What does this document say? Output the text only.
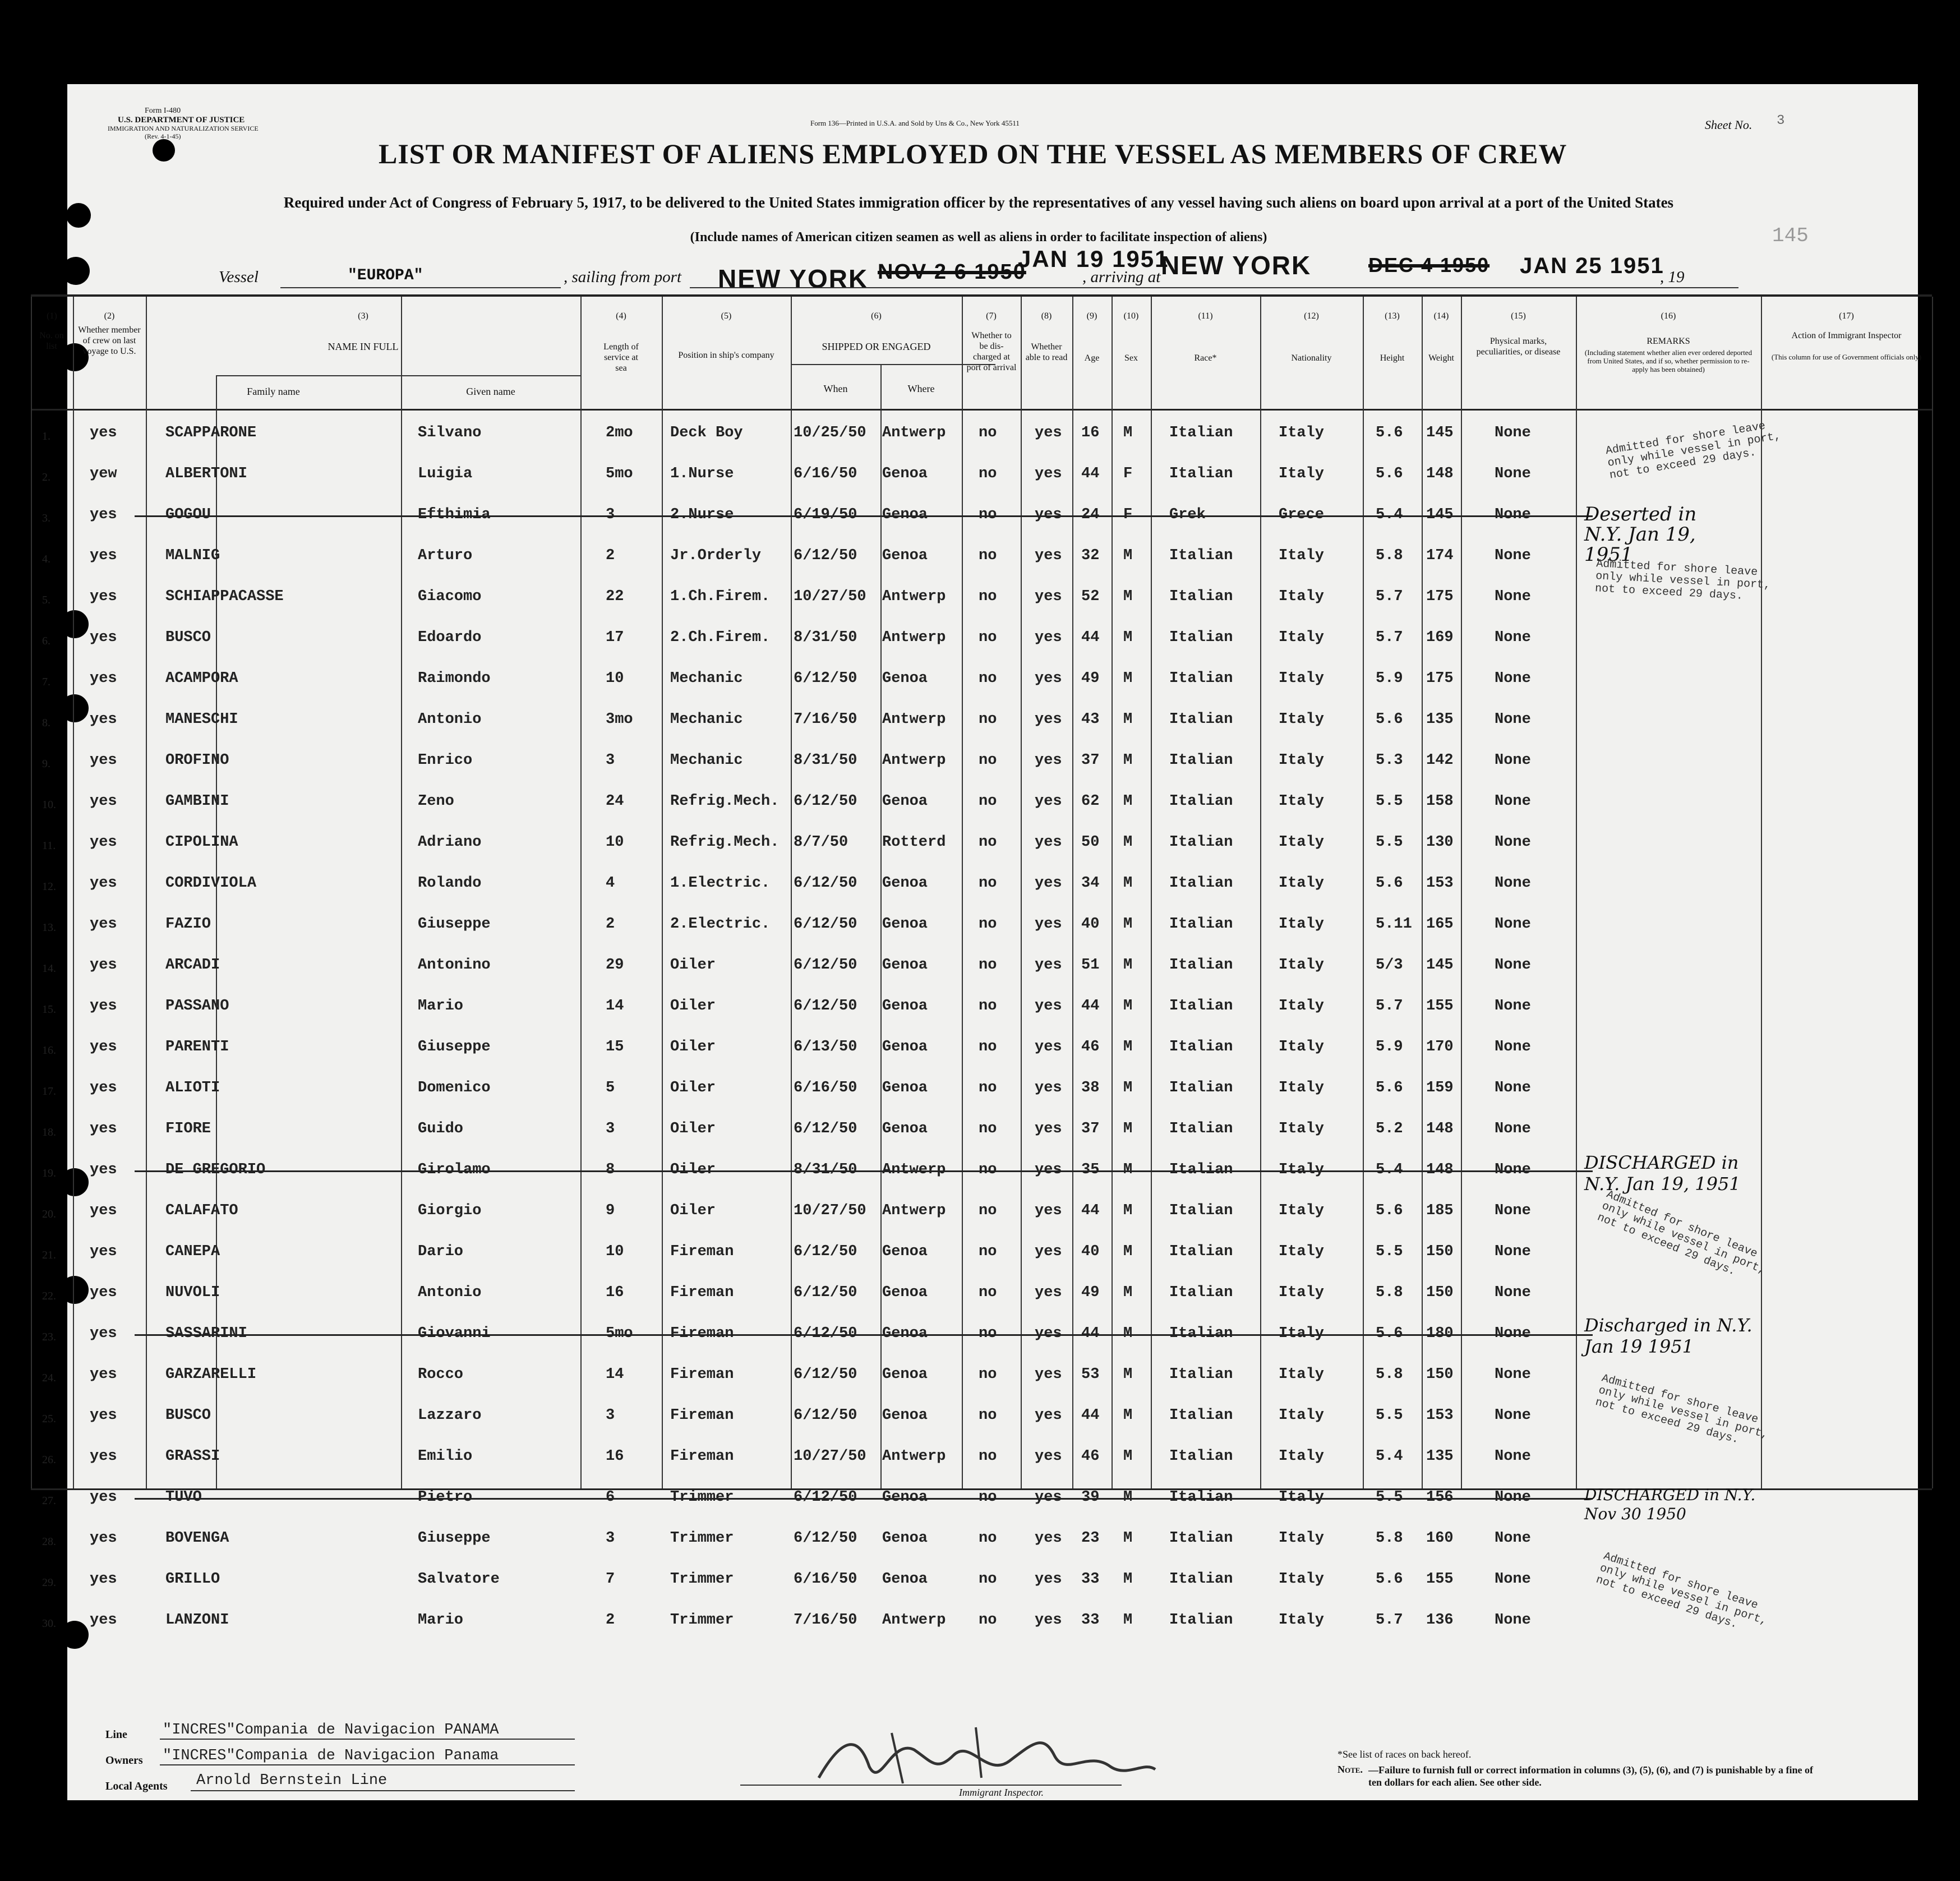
Form I-480
U.S. DEPARTMENT OF JUSTICE
IMMIGRATION AND NATURALIZATION SERVICE
(Rev. 4-1-45)
Form 136—Printed in U.S.A. and Sold by Uns & Co., New York 45511	Sheet No. 3
145
LIST OR MANIFEST OF ALIENS EMPLOYED ON THE VESSEL AS MEMBERS OF CREW
Required under Act of Congress of February 5, 1917, to be delivered to the United States immigration officer by the representatives of any vessel having such aliens on board upon arrival at a port of the United States
(Include names of American citizen seamen as well as aliens in order to facilitate inspection of aliens)
Vessel	"EUROPA"	, sailing from port NEW YORK NOV 2 6 1950
JAN 19 1951
, arriving at NEW YORK	DEC 4 1950 JAN 25 1951
, 19
(1)
No. on list
(2)
Whether member of crew on last voyage to U.S.
(3)
NAME IN FULL
Family name	Given name
(4)
Length of service at sea
(5)
Position in ship's company
(6)
SHIPPED OR ENGAGED
When	Where
(7)
Whether to be dis-charged at port of arrival
(8)
Whether able to read
(9)
Age
(10)
Sex
(11)
Race*
(12)
Nationality
(13)
Height
(14)
Weight
(15)
Physical marks, peculiarities, or disease
(16)
REMARKS
(Including statement whether alien ever ordered deported from United States, and if so, whether permission to re-apply has been obtained)
(17)
Action of Immigrant Inspector
(This column for use of Government officials only)
1.	yes	SCAPPARONE	Silvano	2mo Deck Boy	10/25/50 Antwerp no	yes 16 M Italian	Italy	5.6 145	None
2.	yew	ALBERTONI	Luigia	5mo 1.Nurse	6/16/50 Genoa	no	yes 44 F Italian	Italy	5.6 148	None
3.	yes	GOGOU	Efthimia	3	2.Nurse	6/19/50 Genoa	no	yes 24 F Grek	Grece	5.4 145	None
4.	yes	MALNIG	Arturo	2	Jr.Orderly 6/12/50 Genoa	no	yes 32 M Italian	Italy	5.8 174	None
5.	yes	SCHIAPPACASSE	Giacomo	22	1.Ch.Firem. 10/27/50 Antwerp no	yes 52 M Italian	Italy	5.7 175	None
6.	yes	BUSCO	Edoardo	17	2.Ch.Firem. 8/31/50 Antwerp no	yes 44 M Italian	Italy	5.7 169	None
7.	yes	ACAMPORA	Raimondo	10	Mechanic	6/12/50 Genoa	no	yes 49 M Italian	Italy	5.9 175	None
8.	yes	MANESCHI	Antonio	3mo Mechanic	7/16/50 Antwerp no	yes 43 M Italian	Italy	5.6 135	None
9.	yes	OROFINO	Enrico	3	Mechanic	8/31/50 Antwerp no	yes 37 M Italian	Italy	5.3 142	None
10. yes	GAMBINI	Zeno	24	Refrig.Mech. 6/12/50 Genoa	no	yes 62 M Italian	Italy	5.5 158	None
11. yes	CIPOLINA	Adriano	10	Refrig.Mech. 8/7/50 Rotterd no	yes 50 M Italian	Italy	5.5 130	None
12. yes	CORDIVIOLA	Rolando	4	1.Electric. 6/12/50 Genoa	no	yes 34 M Italian	Italy	5.6 153	None
13. yes	FAZIO	Giuseppe	2	2.Electric. 6/12/50 Genoa	no	yes 40 M Italian	Italy	5.11 165	None
14. yes	ARCADI	Antonino	29	Oiler	6/12/50 Genoa	no	yes 51 M Italian	Italy	5/3 145	None
15. yes	PASSANO	Mario	14	Oiler	6/12/50 Genoa	no	yes 44 M Italian	Italy	5.7 155	None
16. yes	PARENTI	Giuseppe	15	Oiler	6/13/50 Genoa	no	yes 46 M Italian	Italy	5.9 170	None
17. yes	ALIOTI	Domenico	5	Oiler	6/16/50 Genoa	no	yes 38 M Italian	Italy	5.6 159	None
18. yes	FIORE	Guido	3	Oiler	6/12/50 Genoa	no	yes 37 M Italian	Italy	5.2 148	None
19. yes	DE GREGORIO	Girolamo	8	Oiler	8/31/50 Antwerp no	yes 35 M Italian	Italy	5.4 148	None
20. yes	CALAFATO	Giorgio	9	Oiler	10/27/50 Antwerp no	yes 44 M Italian	Italy	5.6 185	None
21. yes	CANEPA	Dario	10	Fireman	6/12/50 Genoa	no	yes 40 M Italian	Italy	5.5 150	None
22. yes	NUVOLI	Antonio	16	Fireman	6/12/50 Genoa	no	yes 49 M Italian	Italy	5.8 150	None
23. yes	SASSARINI	Giovanni	5mo Fireman	6/12/50 Genoa	no	yes 44 M Italian	Italy	5.6 180	None
24. yes	GARZARELLI	Rocco	14	Fireman	6/12/50 Genoa	no	yes 53 M Italian	Italy	5.8 150	None
25. yes	BUSCO	Lazzaro	3	Fireman	6/12/50 Genoa	no	yes 44 M Italian	Italy	5.5 153	None
26. yes	GRASSI	Emilio	16	Fireman	10/27/50 Antwerp no	yes 46 M Italian	Italy	5.4 135	None
27. yes	TUVO	Pietro	6	Trimmer	6/12/50 Genoa	no	yes 39 M Italian	Italy	5.5 156	None
28. yes	BOVENGA	Giuseppe	3	Trimmer	6/12/50 Genoa	no	yes 23 M Italian	Italy	5.8 160	None
29. yes	GRILLO	Salvatore	7	Trimmer	6/16/50 Genoa	no	yes 33 M Italian	Italy	5.6 155	None
30. yes	LANZONI	Mario	2	Trimmer	7/16/50 Antwerp no	yes 33 M Italian	Italy	5.7 136	None
Admitted for shore leave only while vessel in port, not to exceed 29 days.
Deserted in N.Y. Jan 19, 1951
Admitted for shore leave only while vessel in port, not to exceed 29 days.
DISCHARGED in N.Y. Jan 19, 1951
Admitted for shore leave only while vessel in port, not to exceed 29 days.
Discharged in N.Y. Jan 19 1951
Admitted for shore leave only while vessel in port, not to exceed 29 days.
DISCHARGED in N.Y. Nov 30 1950
Admitted for shore leave only while vessel in port, not to exceed 29 days.
Line "INCRES"Compania de Navigacion PANAMA
Owners "INCRES"Compania de Navigacion Panama
Local Agents Arnold Bernstein Line
Immigrant Inspector.
*See list of races on back hereof.
Note. —Failure to furnish full or correct information in columns (3), (5), (6), and (7) is punishable by a fine of ten dollars for each alien. See other side.
